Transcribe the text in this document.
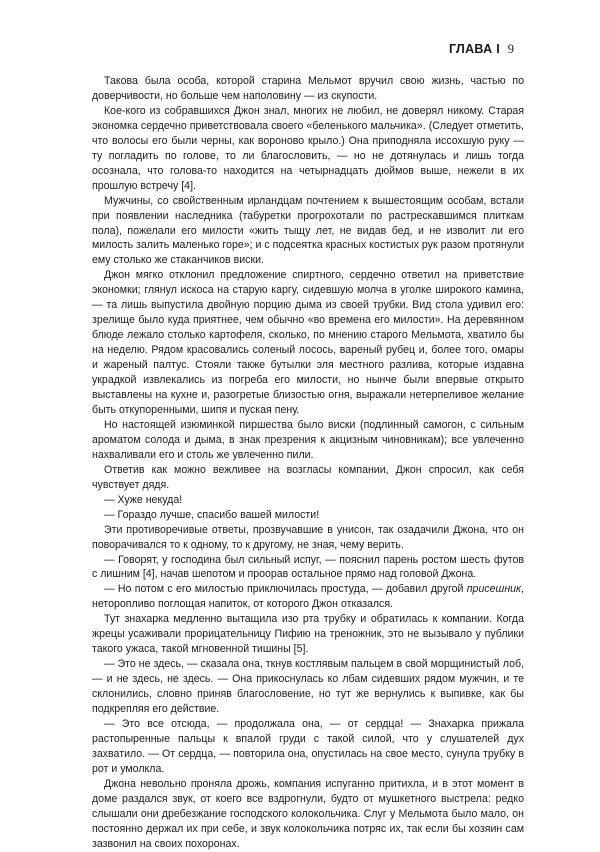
ГЛАВА I 9

Такова была особа, которой старина Мельмот вручил свою жизнь, частью по доверчивости, но больше чем наполовину — из скупости.

Кое-кого из собравшихся Джон знал, многих не любил, не доверял никому. Старая экономка сердечно приветствовала своего «беленького мальчика». (Следует отметить, что волосы его были черны, как вороново крыло.) Она приподняла иссохшую руку — ту погладить по голове, то ли благословить, — но не дотянулась и лишь тогда осознала, что голова-то находится на четырнадцать дюймов выше, нежели в их прошлую встречу [4].

Мужчины, со свойственным ирландцам почтением к вышестоящим особам, встали при появлении наследника (табуретки прогрохотали по растрескавшимся плиткам пола), пожелали его милости «жить тыщу лет, не видав бед, и не изволит ли его милость залить маленько горе»; и с подсеятка красных костистых рук разом протянули ему столько же стаканчиков виски.

Джон мягко отклонил предложение спиртного, сердечно ответил на приветствие экономки; глянул искоса на старую каргу, сидевшую молча в уголке широкого камина, — та лишь выпустила двойную порцию дыма из своей трубки. Вид стола удивил его: зрелище было куда приятнее, чем обычно «во времена его милости». На деревянном блюде лежало столько картофеля, сколько, по мнению старого Мельмота, хватило бы на неделю. Рядом красовались соленый лосось, вареный рубец и, более того, омары и жареный палтус. Стояли также бутылки эля местного разлива, которые издавна украдкой извлекались из погреба его милости, но нынче были впервые открыто выставлены на кухне и, разогретые близостью огня, выражали нетерпеливое желание быть откупоренными, шипя и пуская пену.

Но настоящей изюминкой пиршества было виски (подлинный самогон, с сильным ароматом солода и дыма, в знак презрения к акцизным чиновникам); все увлеченно нахваливали его и столь же увлеченно пили.

Ответив как можно вежливее на возгласы компании, Джон спросил, как себя чувствует дядя.

— Хуже некуда!

— Гораздо лучше, спасибо вашей милости!

Эти противоречивые ответы, прозвучавшие в унисон, так озадачили Джона, что он поворачивался то к одному, то к другому, не зная, чему верить.

— Говорят, у господина был сильный испуг, — пояснил парень ростом шесть футов с лишним [4], начав шепотом и проорав остальное прямо над головой Джона.

— Но потом с его милостью приключилась простуда, — добавил другой присешник, неторопливо поглощая напиток, от которого Джон отказался.

Тут знахарка медленно вытащила изо рта трубку и обратилась к компании. Когда жрецы усаживали прорицательницу Пифию на треножник, это не вызывало у публики такого ужаса, такой мгновенной тишины [5].

— Это не здесь, — сказала она, ткнув костлявым пальцем в свой морщинистый лоб, — и не здесь, не здесь. — Она прикоснулась ко лбам сидевших рядом мужчин, и те склонились, словно приняв благословение, но тут же вернулись к выпивке, как бы подкрепляя его действие.

— Это все отсюда, — продолжала она, — от сердца! — Знахарка прижала растопыренные пальцы к впалой груди с такой силой, что у слушателей дух захватило. — От сердца, — повторила она, опустилась на свое место, сунула трубку в рот и умолкла.

Джона невольно проняла дрожь, компания испуганно притихла, и в этот момент в доме раздался звук, от коего все вздрогнули, будто от мушкетного выстрела: редко слышали они дребезжание господского колокольчика. Слуг у Мельмота было мало, он постоянно держал их при себе, и звук колокольчика потряс их, так если бы хозяин сам зазвонил на своих похоронах.
